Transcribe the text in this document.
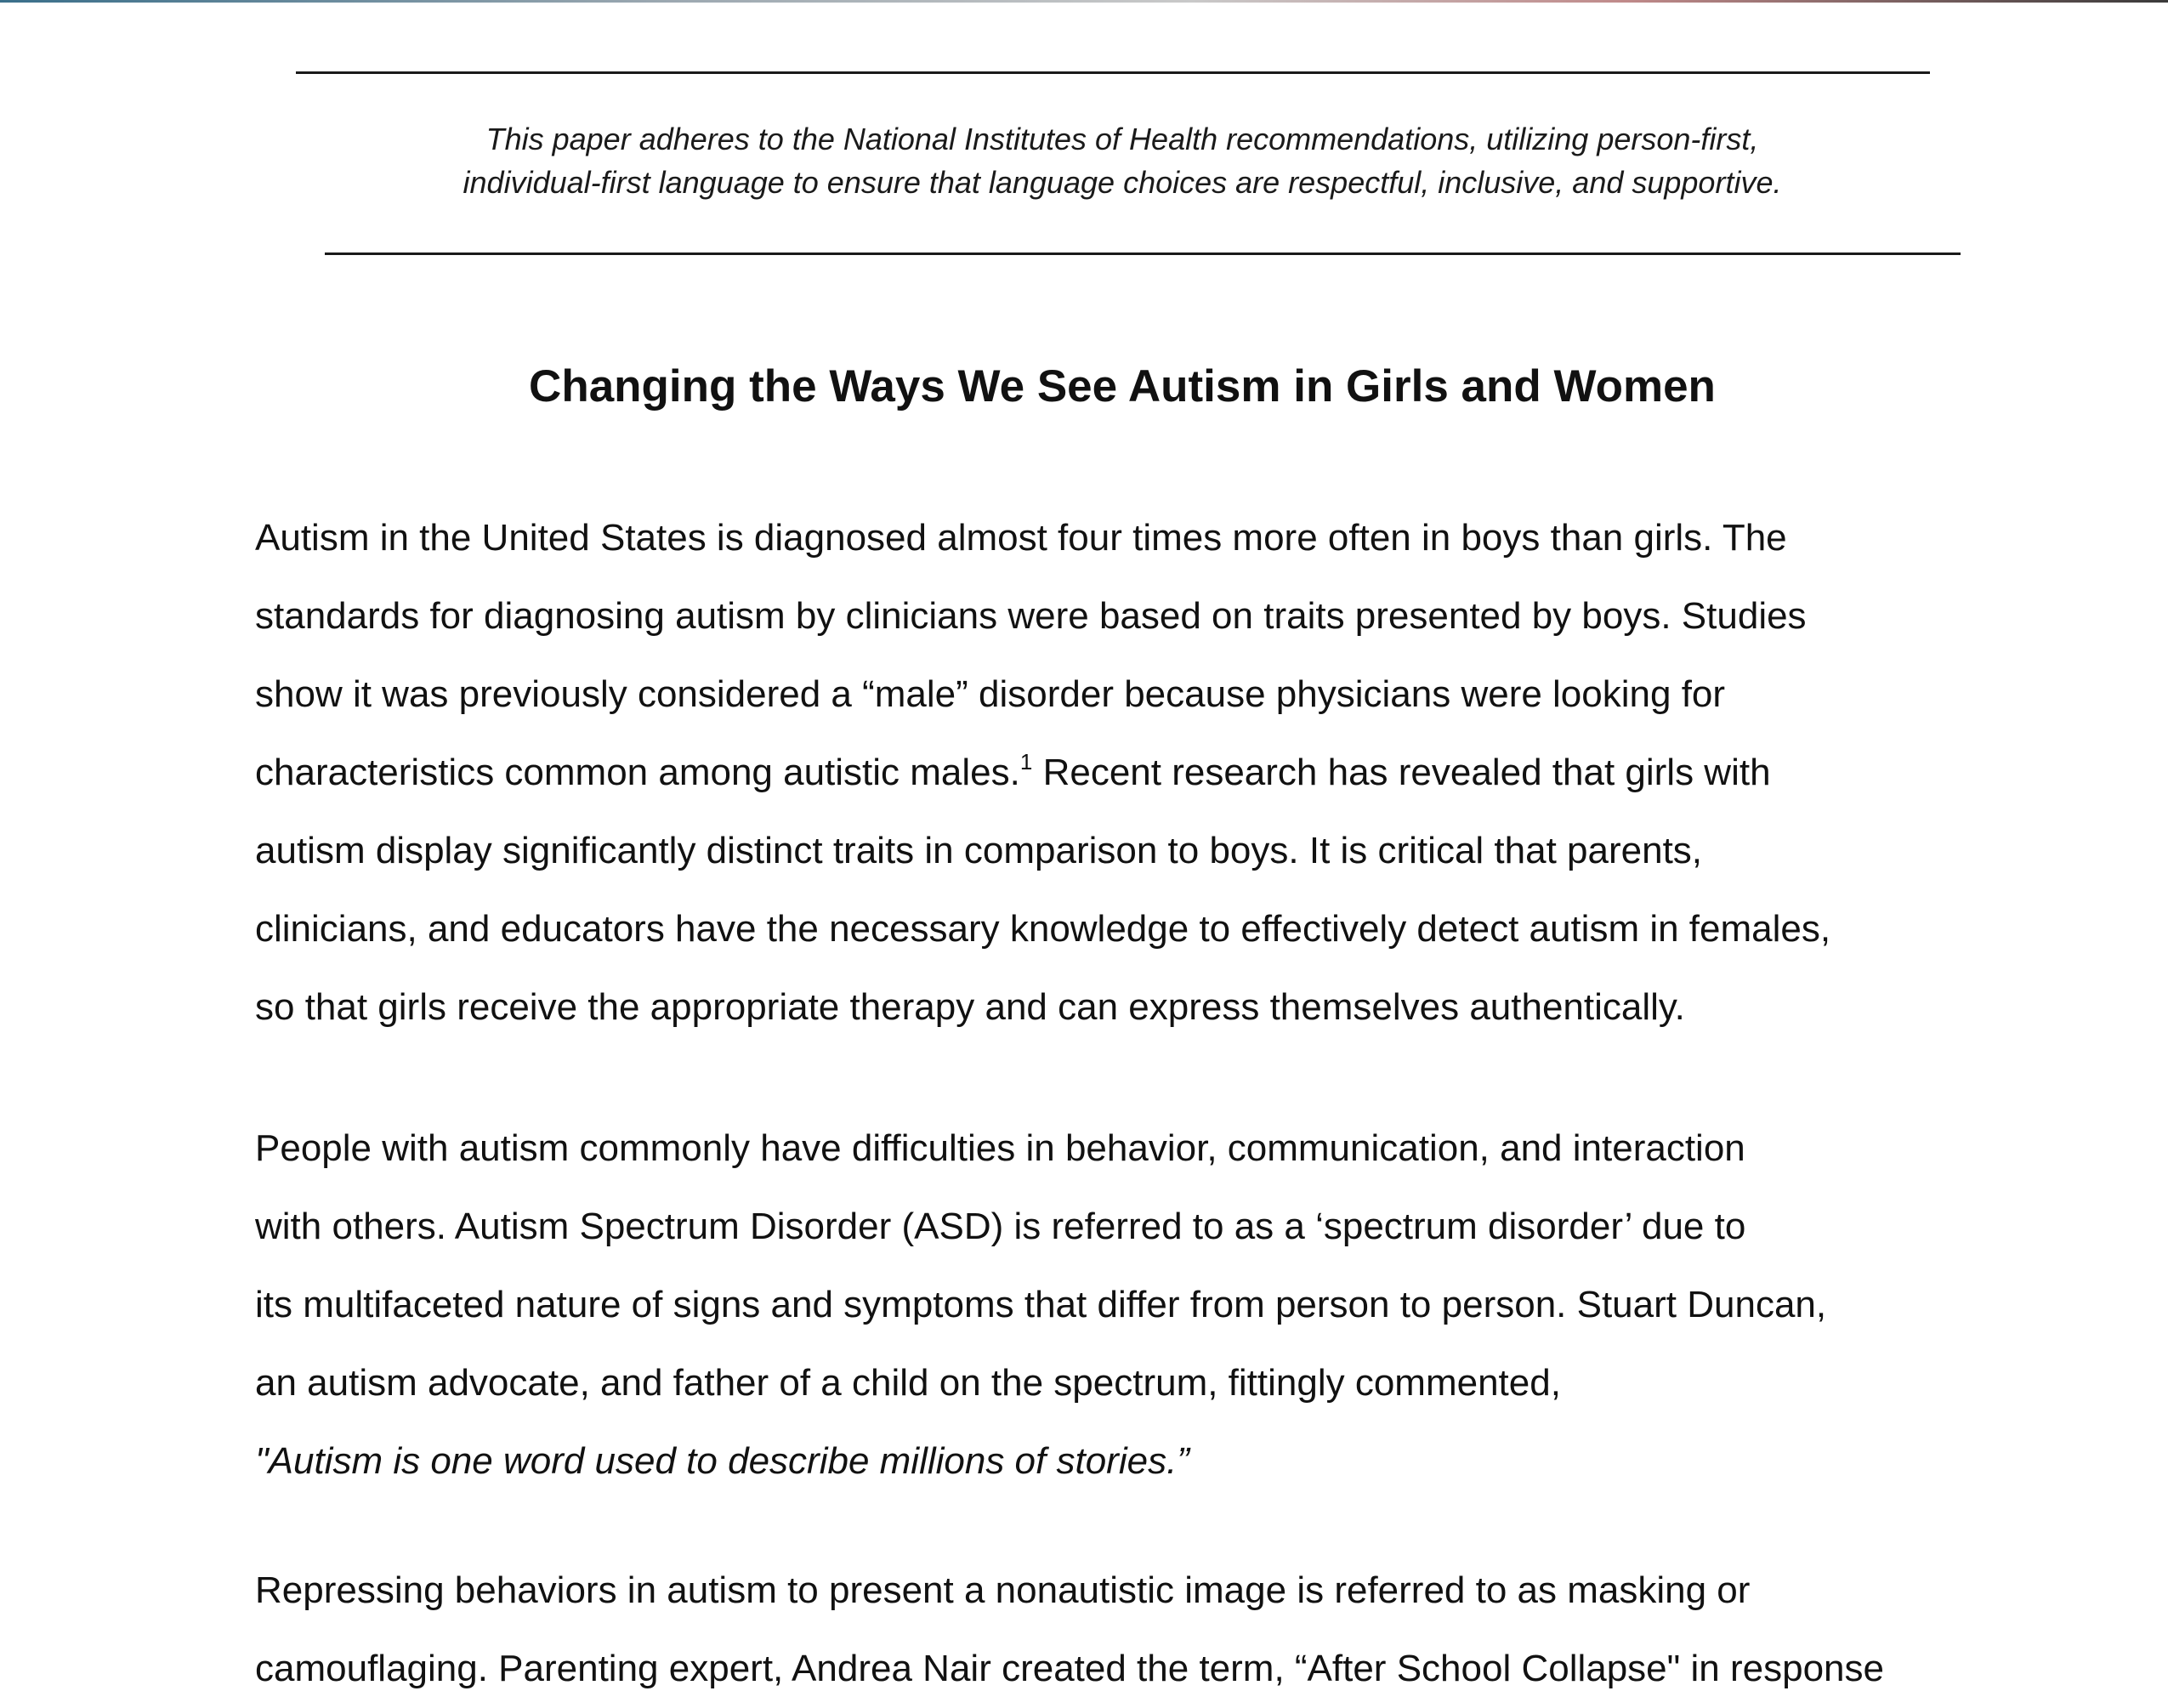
This paper adheres to the National Institutes of Health recommendations, utilizing person-first,
individual-first language to ensure that language choices are respectful, inclusive, and supportive.
Changing the Ways We See Autism in Girls and Women
Autism in the United States is diagnosed almost four times more often in boys than girls. The
standards for diagnosing autism by clinicians were based on traits presented by boys. Studies
show it was previously considered a “male” disorder because physicians were looking for
characteristics common among autistic males.$^1$ Recent research has revealed that girls with
autism display significantly distinct traits in comparison to boys. It is critical that parents,
clinicians, and educators have the necessary knowledge to effectively detect autism in females,
so that girls receive the appropriate therapy and can express themselves authentically.
People with autism commonly have difficulties in behavior, communication, and interaction
with others. Autism Spectrum Disorder (ASD) is referred to as a ‘spectrum disorder’ due to
its multifaceted nature of signs and symptoms that differ from person to person. Stuart Duncan,
an autism advocate, and father of a child on the spectrum, fittingly commented,
"Autism is one word used to describe millions of stories.”
Repressing behaviors in autism to present a nonautistic image is referred to as masking or
camouflaging. Parenting expert, Andrea Nair created the term, “After School Collapse" in response
